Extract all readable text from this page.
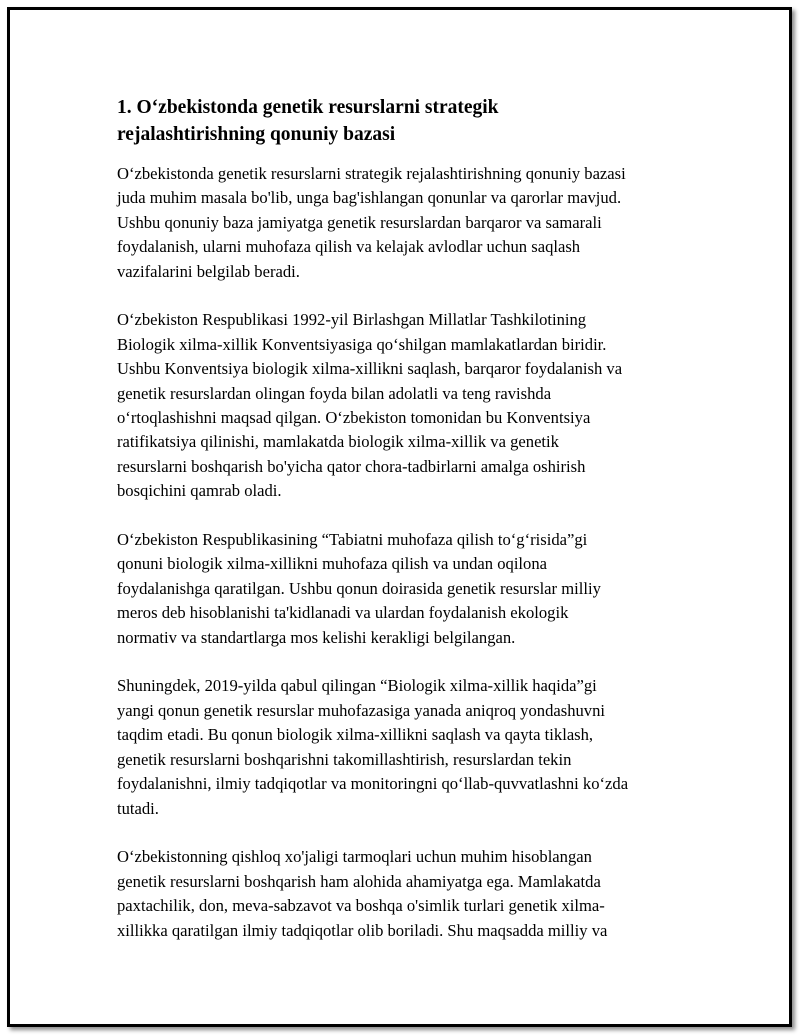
1. O‘zbekistonda genetik resurslarni strategik
rejalashtirishning qonuniy bazasi

O‘zbekistonda genetik resurslarni strategik rejalashtirishning qonuniy bazasi
juda muhim masala bo'lib, unga bag'ishlangan qonunlar va qarorlar mavjud.
Ushbu qonuniy baza jamiyatga genetik resurslardan barqaror va samarali
foydalanish, ularni muhofaza qilish va kelajak avlodlar uchun saqlash
vazifalarini belgilab beradi.

O‘zbekiston Respublikasi 1992-yil Birlashgan Millatlar Tashkilotining
Biologik xilma-xillik Konventsiyasiga qo‘shilgan mamlakatlardan biridir.
Ushbu Konventsiya biologik xilma-xillikni saqlash, barqaror foydalanish va
genetik resurslardan olingan foyda bilan adolatli va teng ravishda
o‘rtoqlashishni maqsad qilgan. O‘zbekiston tomonidan bu Konventsiya
ratifikatsiya qilinishi, mamlakatda biologik xilma-xillik va genetik
resurslarni boshqarish bo'yicha qator chora-tadbirlarni amalga oshirish
bosqichini qamrab oladi.

O‘zbekiston Respublikasining “Tabiatni muhofaza qilish to‘g‘risida”gi
qonuni biologik xilma-xillikni muhofaza qilish va undan oqilona
foydalanishga qaratilgan. Ushbu qonun doirasida genetik resurslar milliy
meros deb hisoblanishi ta'kidlanadi va ulardan foydalanish ekologik
normativ va standartlarga mos kelishi kerakligi belgilangan.

Shuningdek, 2019-yilda qabul qilingan “Biologik xilma-xillik haqida”gi
yangi qonun genetik resurslar muhofazasiga yanada aniqroq yondashuvni
taqdim etadi. Bu qonun biologik xilma-xillikni saqlash va qayta tiklash,
genetik resurslarni boshqarishni takomillashtirish, resurslardan tekin
foydalanishni, ilmiy tadqiqotlar va monitoringni qo‘llab-quvvatlashni ko‘zda
tutadi.

O‘zbekistonning qishloq xo'jaligi tarmoqlari uchun muhim hisoblangan
genetik resurslarni boshqarish ham alohida ahamiyatga ega. Mamlakatda
paxtachilik, don, meva-sabzavot va boshqa o'simlik turlari genetik xilma-
xillikka qaratilgan ilmiy tadqiqotlar olib boriladi. Shu maqsadda milliy va
